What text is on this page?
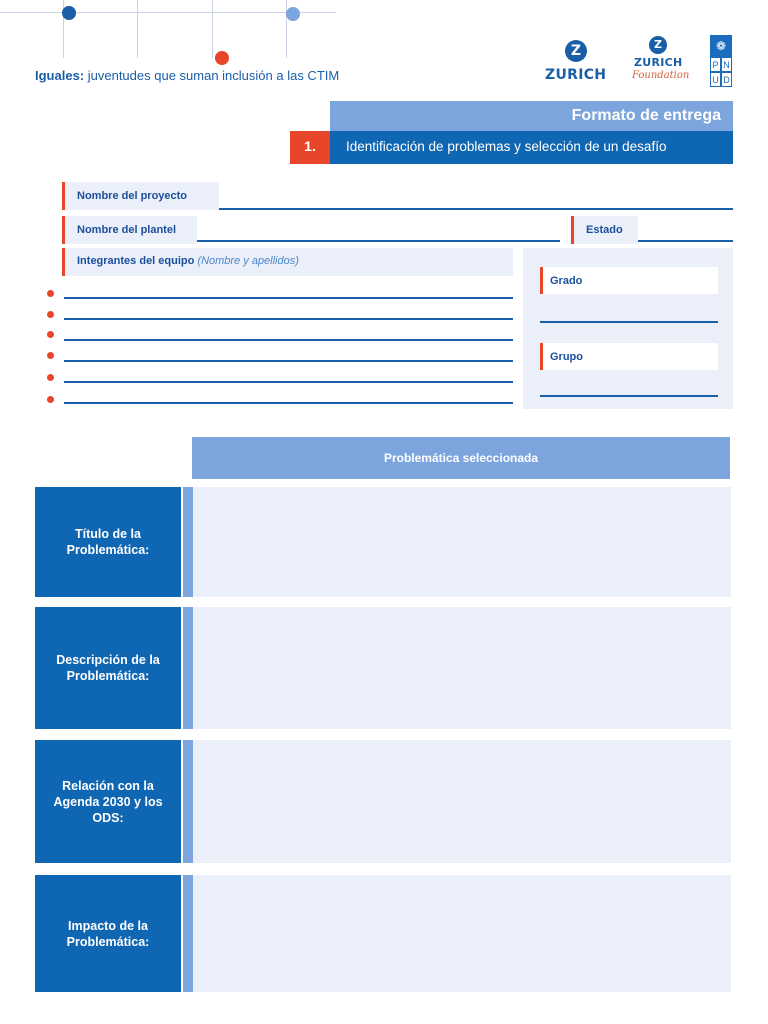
Iguales: juventudes que suman inclusión a las CTIM
Z
ZURICH
Z
ZURICH
Foundation
❁
P N
U D
Formato de entrega
1.	Identificación de problemas y selección de un desafío
Nombre del proyecto
Nombre del plantel	Estado
Integrantes del equipo
(Nombre y apellidos)
Grado
Grupo
Problemática seleccionada
Título de la Problemática:
Descripción de la Problemática:
Relación con la Agenda 2030 y los ODS:
Impacto de la Problemática:
